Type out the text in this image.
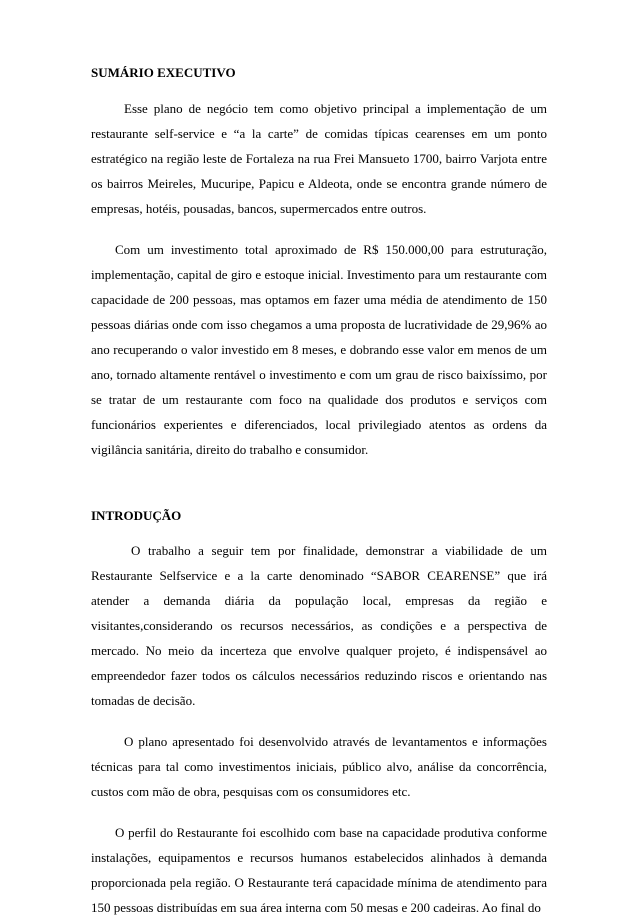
SUMÁRIO EXECUTIVO

Esse plano de negócio tem como objetivo principal a implementação de um restaurante self-service e “a la carte” de comidas típicas cearenses em um ponto estratégico na região leste de Fortaleza na rua Frei Mansueto 1700, bairro Varjota entre os bairros Meireles, Mucuripe, Papicu e Aldeota, onde se encontra grande número de empresas, hotéis, pousadas, bancos, supermercados entre outros.

Com um investimento total aproximado de R$ 150.000,00 para estruturação, implementação, capital de giro e estoque inicial. Investimento para um restaurante com capacidade de 200 pessoas, mas optamos em fazer uma média de atendimento de 150 pessoas diárias onde com isso chegamos a uma proposta de lucratividade de 29,96% ao ano recuperando o valor investido em 8 meses, e dobrando esse valor em menos de um ano, tornado altamente rentável o investimento e com um grau de risco baixíssimo, por se tratar de um restaurante com foco na qualidade dos produtos e serviços com funcionários experientes e diferenciados, local privilegiado atentos as ordens da vigilância sanitária, direito do trabalho e consumidor.

INTRODUÇÃO

O trabalho a seguir tem por finalidade, demonstrar a viabilidade de um Restaurante Selfservice e a la carte denominado “SABOR CEARENSE” que irá atender a demanda diária da população local, empresas da região e visitantes,considerando os recursos necessários, as condições e a perspectiva de mercado. No meio da incerteza que envolve qualquer projeto, é indispensável ao empreendedor fazer todos os cálculos necessários reduzindo riscos e orientando nas tomadas de decisão.

O plano apresentado foi desenvolvido através de levantamentos e informações técnicas para tal como investimentos iniciais, público alvo, análise da concorrência, custos com mão de obra, pesquisas com os consumidores etc.

O perfil do Restaurante foi escolhido com base na capacidade produtiva conforme instalações, equipamentos e recursos humanos estabelecidos alinhados à demanda proporcionada pela região. O Restaurante terá capacidade mínima de atendimento para 150 pessoas distribuídas em sua área interna com 50 mesas e 200 cadeiras. Ao final do
